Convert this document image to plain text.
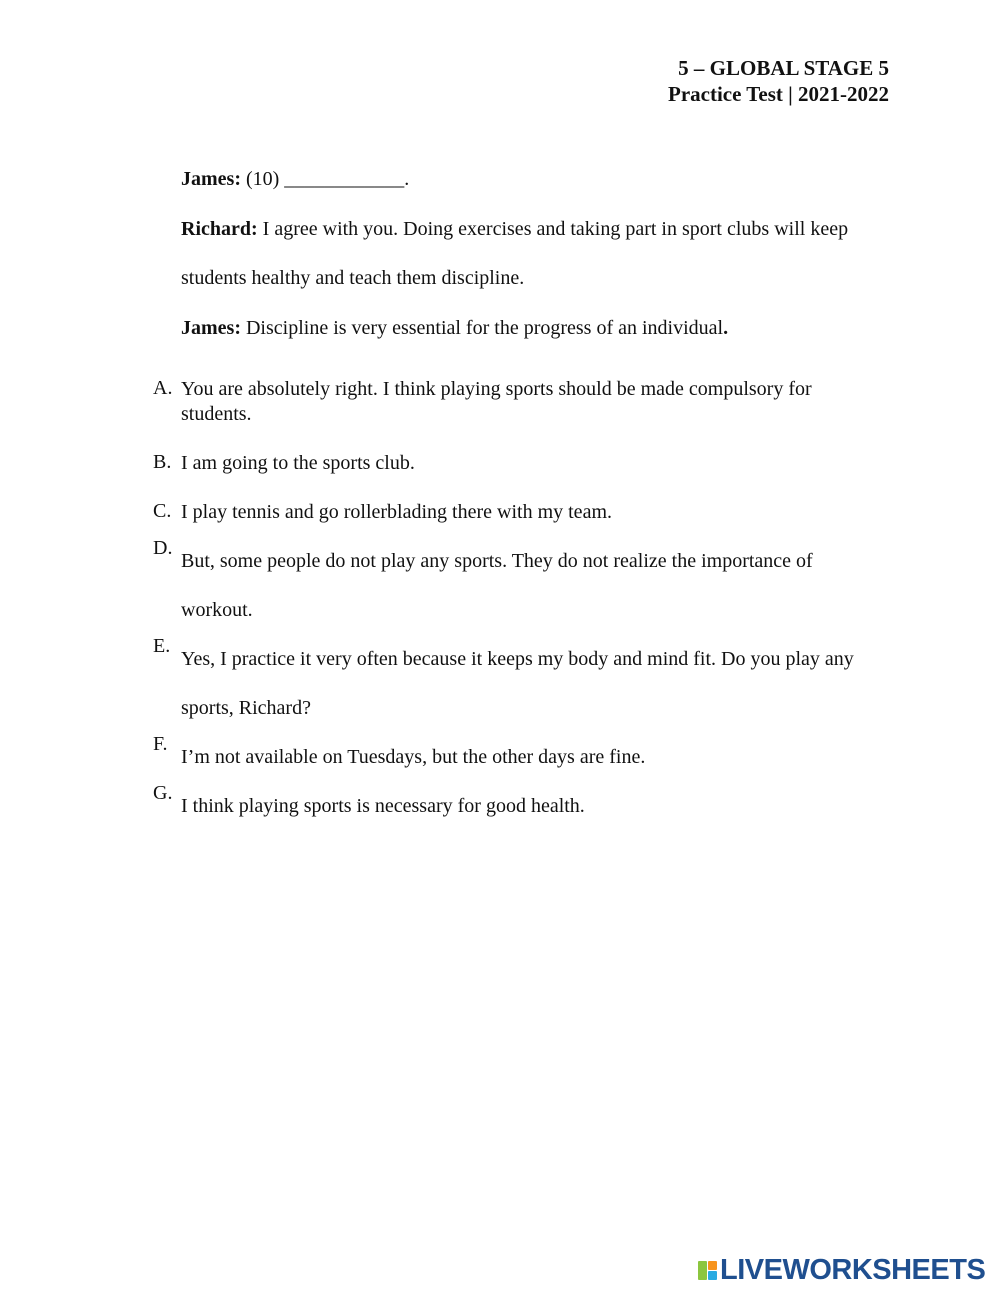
5 – GLOBAL STAGE 5
Practice Test | 2021-2022

James: (10) ____________.

Richard: I agree with you. Doing exercises and taking part in sport clubs will keep students healthy and teach them discipline.

James: Discipline is very essential for the progress of an individual.

A. You are absolutely right. I think playing sports should be made compulsory for students.
B. I am going to the sports club.
C. I play tennis and go rollerblading there with my team.
D.
But, some people do not play any sports. They do not realize the importance of workout.
E.
Yes, I practice it very often because it keeps my body and mind fit. Do you play any sports, Richard?
F.
I’m not available on Tuesdays, but the other days are fine.
G.
I think playing sports is necessary for good health.
LIVEWORKSHEETS
